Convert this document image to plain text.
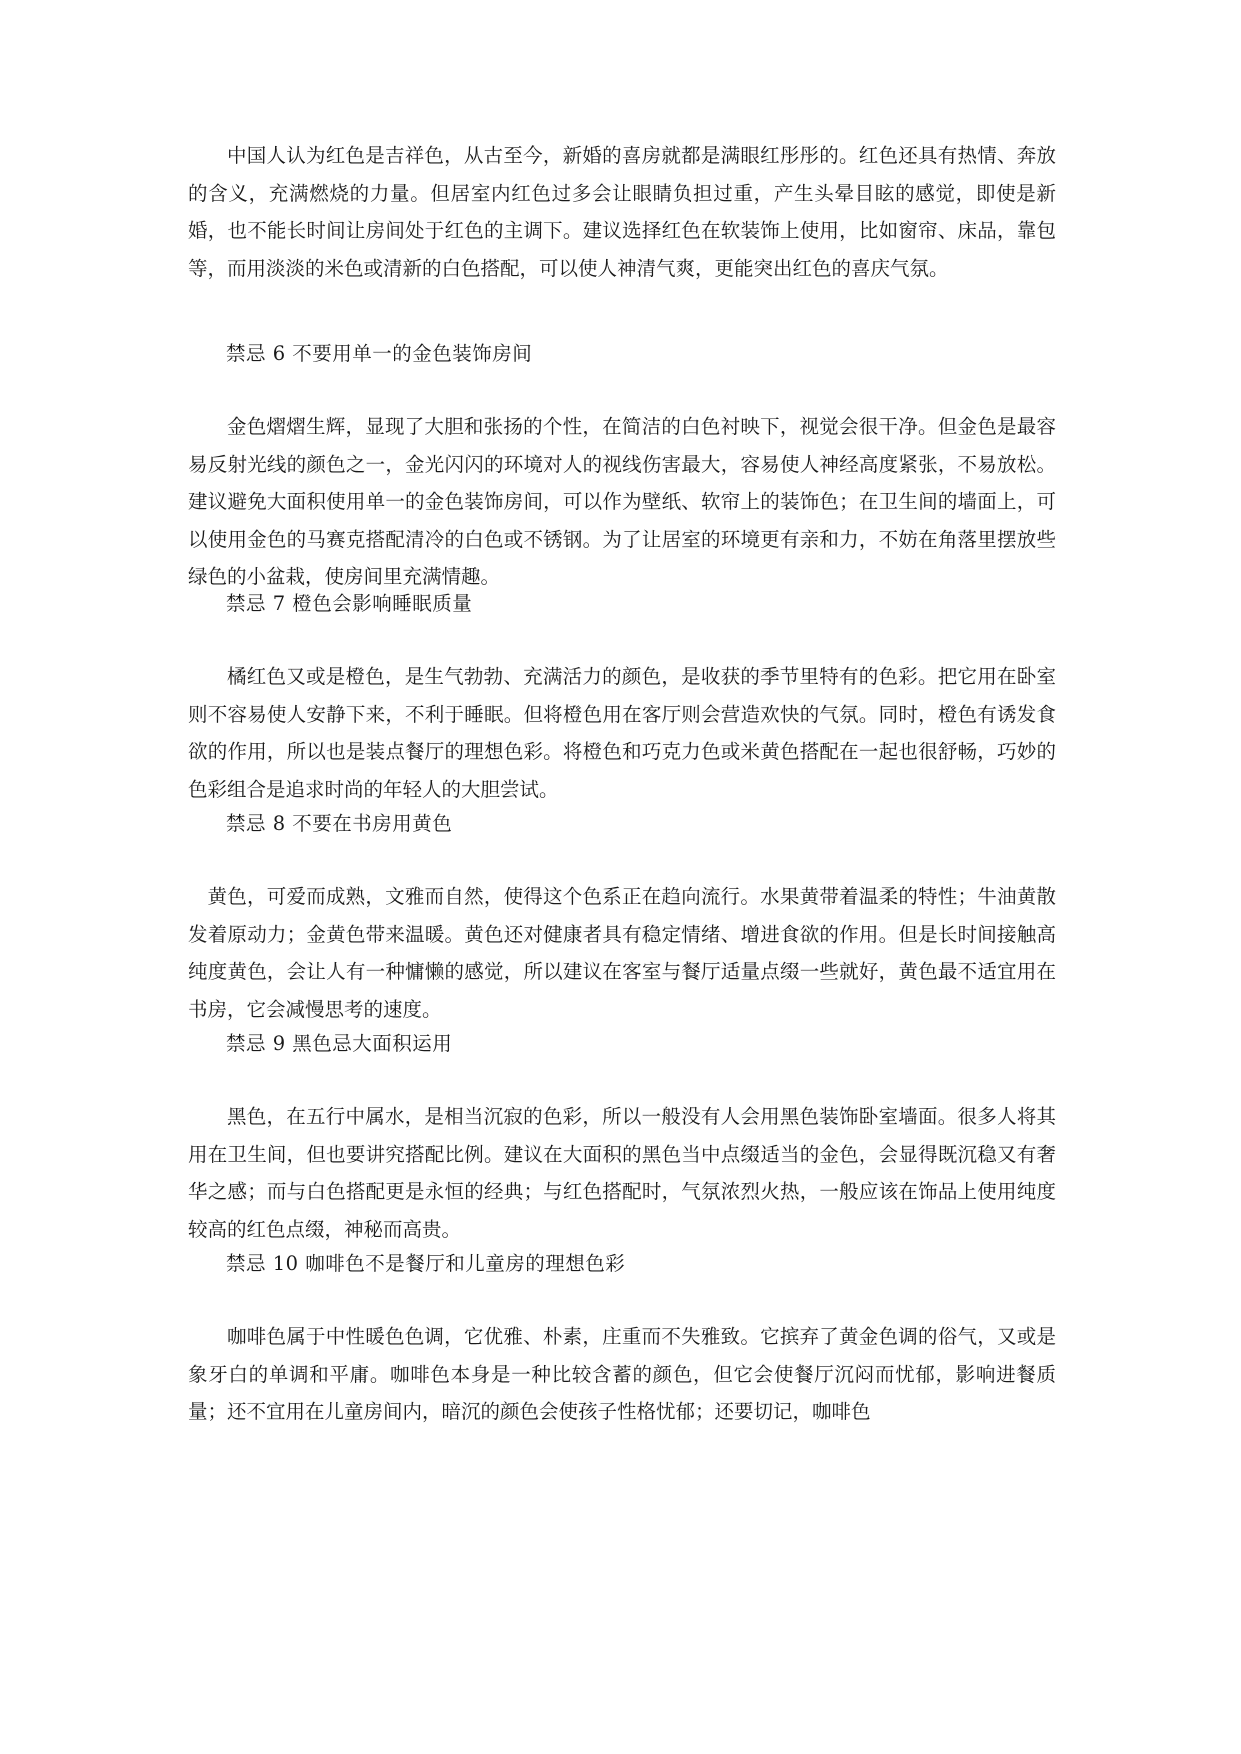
中国人认为红色是吉祥色，从古至今，新婚的喜房就都是满眼红彤彤的。红色还具有热情、奔放的含义，充满燃烧的力量。但居室内红色过多会让眼睛负担过重，产生头晕目眩的感觉，即使是新婚，也不能长时间让房间处于红色的主调下。建议选择红色在软装饰上使用，比如窗帘、床品，靠包等，而用淡淡的米色或清新的白色搭配，可以使人神清气爽，更能突出红色的喜庆气氛。

禁忌 6 不要用单一的金色装饰房间

金色熠熠生辉，显现了大胆和张扬的个性，在简洁的白色衬映下，视觉会很干净。但金色是最容易反射光线的颜色之一，金光闪闪的环境对人的视线伤害最大，容易使人神经高度紧张，不易放松。建议避免大面积使用单一的金色装饰房间，可以作为壁纸、软帘上的装饰色；在卫生间的墙面上，可以使用金色的马赛克搭配清冷的白色或不锈钢。为了让居室的环境更有亲和力，不妨在角落里摆放些绿色的小盆栽，使房间里充满情趣。

禁忌 7 橙色会影响睡眠质量

橘红色又或是橙色，是生气勃勃、充满活力的颜色，是收获的季节里特有的色彩。把它用在卧室则不容易使人安静下来，不利于睡眠。但将橙色用在客厅则会营造欢快的气氛。同时，橙色有诱发食欲的作用，所以也是装点餐厅的理想色彩。将橙色和巧克力色或米黄色搭配在一起也很舒畅，巧妙的色彩组合是追求时尚的年轻人的大胆尝试。

禁忌 8 不要在书房用黄色

黄色，可爱而成熟，文雅而自然，使得这个色系正在趋向流行。水果黄带着温柔的特性；牛油黄散发着原动力；金黄色带来温暖。黄色还对健康者具有稳定情绪、增进食欲的作用。但是长时间接触高纯度黄色，会让人有一种慵懒的感觉，所以建议在客室与餐厅适量点缀一些就好，黄色最不适宜用在书房，它会减慢思考的速度。

禁忌 9 黑色忌大面积运用

黑色，在五行中属水，是相当沉寂的色彩，所以一般没有人会用黑色装饰卧室墙面。很多人将其用在卫生间，但也要讲究搭配比例。建议在大面积的黑色当中点缀适当的金色，会显得既沉稳又有奢华之感；而与白色搭配更是永恒的经典；与红色搭配时，气氛浓烈火热，一般应该在饰品上使用纯度较高的红色点缀，神秘而高贵。

禁忌 10 咖啡色不是餐厅和儿童房的理想色彩

咖啡色属于中性暖色色调，它优雅、朴素，庄重而不失雅致。它摈弃了黄金色调的俗气，又或是象牙白的单调和平庸。咖啡色本身是一种比较含蓄的颜色，但它会使餐厅沉闷而忧郁，影响进餐质量；还不宜用在儿童房间内，暗沉的颜色会使孩子性格忧郁；还要切记，咖啡色
